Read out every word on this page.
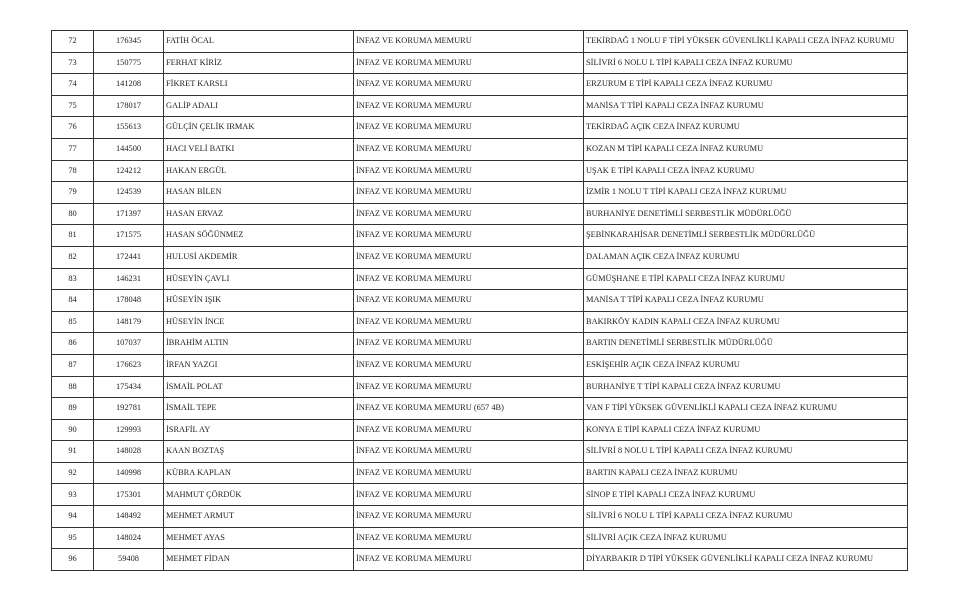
72	176345	FATİH ÖCAL	İNFAZ VE KORUMA MEMURU	TEKİRDAĞ 1 NOLU F TİPİ YÜKSEK GÜVENLİKLİ KAPALI CEZA İNFAZ KURUMU
73	150775	FERHAT KİRİZ	İNFAZ VE KORUMA MEMURU	SİLİVRİ 6 NOLU L TİPİ KAPALI CEZA İNFAZ KURUMU
74	141208	FİKRET KARSLI	İNFAZ VE KORUMA MEMURU	ERZURUM E TİPİ KAPALI CEZA İNFAZ KURUMU
75	178017	GALİP ADALI	İNFAZ VE KORUMA MEMURU	MANİSA T TİPİ KAPALI CEZA İNFAZ KURUMU
76	155613	GÜLÇİN ÇELİK IRMAK	İNFAZ VE KORUMA MEMURU	TEKİRDAĞ AÇIK CEZA İNFAZ KURUMU
77	144500	HACI VELİ BATKI	İNFAZ VE KORUMA MEMURU	KOZAN M TİPİ KAPALI CEZA İNFAZ KURUMU
78	124212	HAKAN ERGÜL	İNFAZ VE KORUMA MEMURU	UŞAK E TİPİ KAPALI CEZA İNFAZ KURUMU
79	124539	HASAN BİLEN	İNFAZ VE KORUMA MEMURU	İZMİR 1 NOLU T TİPİ KAPALI CEZA İNFAZ KURUMU
80	171397	HASAN ERVAZ	İNFAZ VE KORUMA MEMURU	BURHANİYE DENETİMLİ SERBESTLİK MÜDÜRLÜĞÜ
81	171575	HASAN SÖĞÜNMEZ	İNFAZ VE KORUMA MEMURU	ŞEBİNKARAHİSAR DENETİMLİ SERBESTLİK MÜDÜRLÜĞÜ
82	172441	HULUSİ AKDEMİR	İNFAZ VE KORUMA MEMURU	DALAMAN AÇIK CEZA İNFAZ KURUMU
83	146231	HÜSEYİN ÇAVLI	İNFAZ VE KORUMA MEMURU	GÜMÜŞHANE E TİPİ KAPALI CEZA İNFAZ KURUMU
84	178048	HÜSEYİN IŞIK	İNFAZ VE KORUMA MEMURU	MANİSA T TİPİ KAPALI CEZA İNFAZ KURUMU
85	148179	HÜSEYİN İNCE	İNFAZ VE KORUMA MEMURU	BAKIRKÖY KADIN KAPALI CEZA İNFAZ KURUMU
86	107037	İBRAHİM ALTIN	İNFAZ VE KORUMA MEMURU	BARTIN DENETİMLİ SERBESTLİK MÜDÜRLÜĞÜ
87	176623	İRFAN YAZGI	İNFAZ VE KORUMA MEMURU	ESKİŞEHİR AÇIK CEZA İNFAZ KURUMU
88	175434	İSMAİL POLAT	İNFAZ VE KORUMA MEMURU	BURHANİYE T TİPİ KAPALI CEZA İNFAZ KURUMU
89	192781	İSMAİL TEPE	İNFAZ VE KORUMA MEMURU (657 4B)	VAN F TİPİ YÜKSEK GÜVENLİKLİ KAPALI CEZA İNFAZ KURUMU
90	129993	İSRAFİL AY	İNFAZ VE KORUMA MEMURU	KONYA E TİPİ KAPALI CEZA İNFAZ KURUMU
91	148028	KAAN BOZTAŞ	İNFAZ VE KORUMA MEMURU	SİLİVRİ 8 NOLU L TİPİ KAPALI CEZA İNFAZ KURUMU
92	140998	KÜBRA KAPLAN	İNFAZ VE KORUMA MEMURU	BARTIN KAPALI CEZA İNFAZ KURUMU
93	175301	MAHMUT ÇÖRDÜK	İNFAZ VE KORUMA MEMURU	SİNOP E TİPİ KAPALI CEZA İNFAZ KURUMU
94	148492	MEHMET ARMUT	İNFAZ VE KORUMA MEMURU	SİLİVRİ 6 NOLU L TİPİ KAPALI CEZA İNFAZ KURUMU
95	148024	MEHMET AYAS	İNFAZ VE KORUMA MEMURU	SİLİVRİ AÇIK CEZA İNFAZ KURUMU
96	59408	MEHMET FİDAN	İNFAZ VE KORUMA MEMURU	DİYARBAKIR D TİPİ YÜKSEK GÜVENLİKLİ KAPALI CEZA İNFAZ KURUMU
